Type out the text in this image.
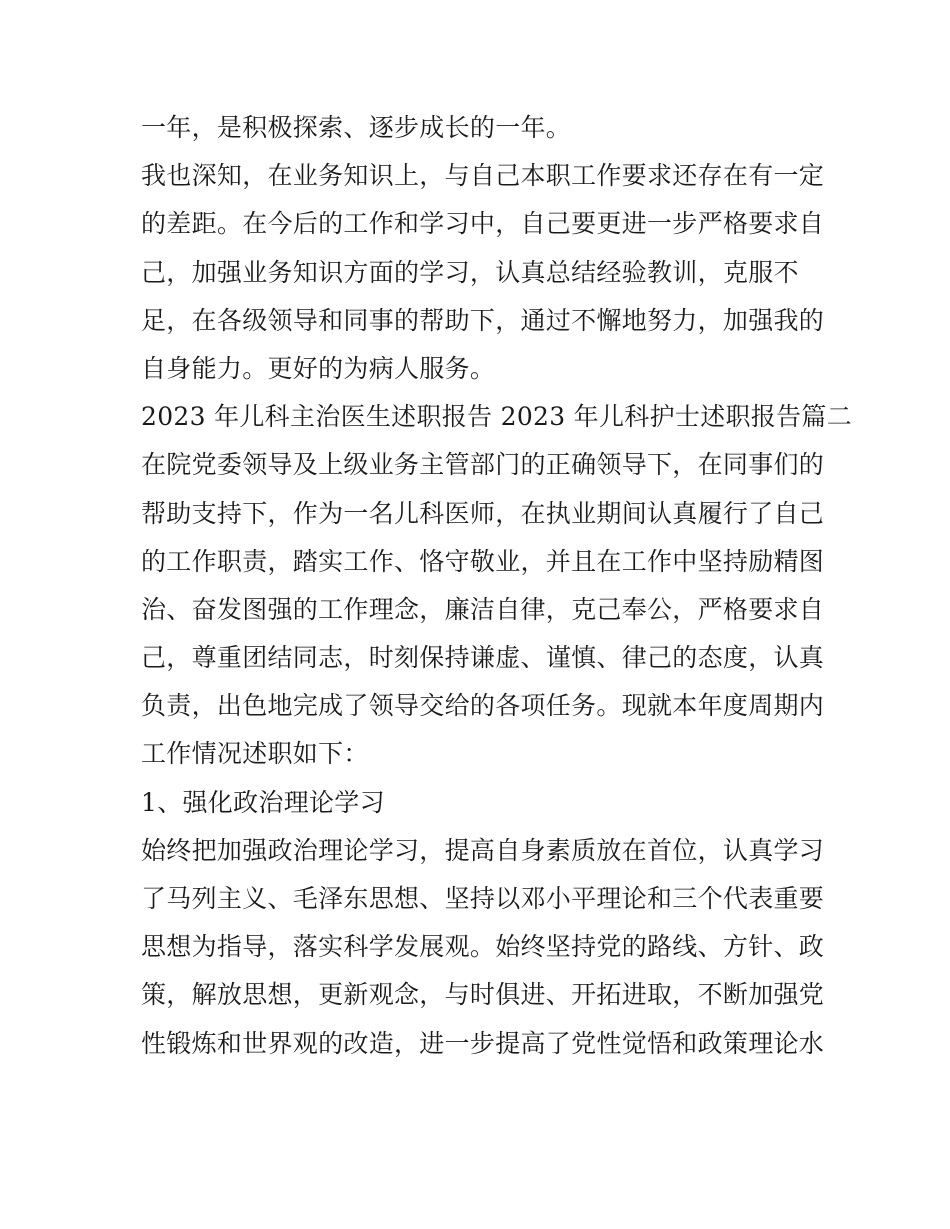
一年，是积极探索、逐步成长的一年。
我也深知，在业务知识上，与自己本职工作要求还存在有一定
的差距。在今后的工作和学习中，自己要更进一步严格要求自
己，加强业务知识方面的学习，认真总结经验教训，克服不
足，在各级领导和同事的帮助下，通过不懈地努力，加强我的
自身能力。更好的为病人服务。
2023 年儿科主治医生述职报告 2023 年儿科护士述职报告篇二
在院党委领导及上级业务主管部门的正确领导下，在同事们的
帮助支持下，作为一名儿科医师，在执业期间认真履行了自己
的工作职责，踏实工作、恪守敬业，并且在工作中坚持励精图
治、奋发图强的工作理念，廉洁自律，克己奉公，严格要求自
己，尊重团结同志，时刻保持谦虚、谨慎、律己的态度，认真
负责，出色地完成了领导交给的各项任务。现就本年度周期内
工作情况述职如下：
1、强化政治理论学习
始终把加强政治理论学习，提高自身素质放在首位，认真学习
了马列主义、毛泽东思想、坚持以邓小平理论和三个代表重要
思想为指导，落实科学发展观。始终坚持党的路线、方针、政
策，解放思想，更新观念，与时俱进、开拓进取，不断加强党
性锻炼和世界观的改造，进一步提高了党性觉悟和政策理论水
